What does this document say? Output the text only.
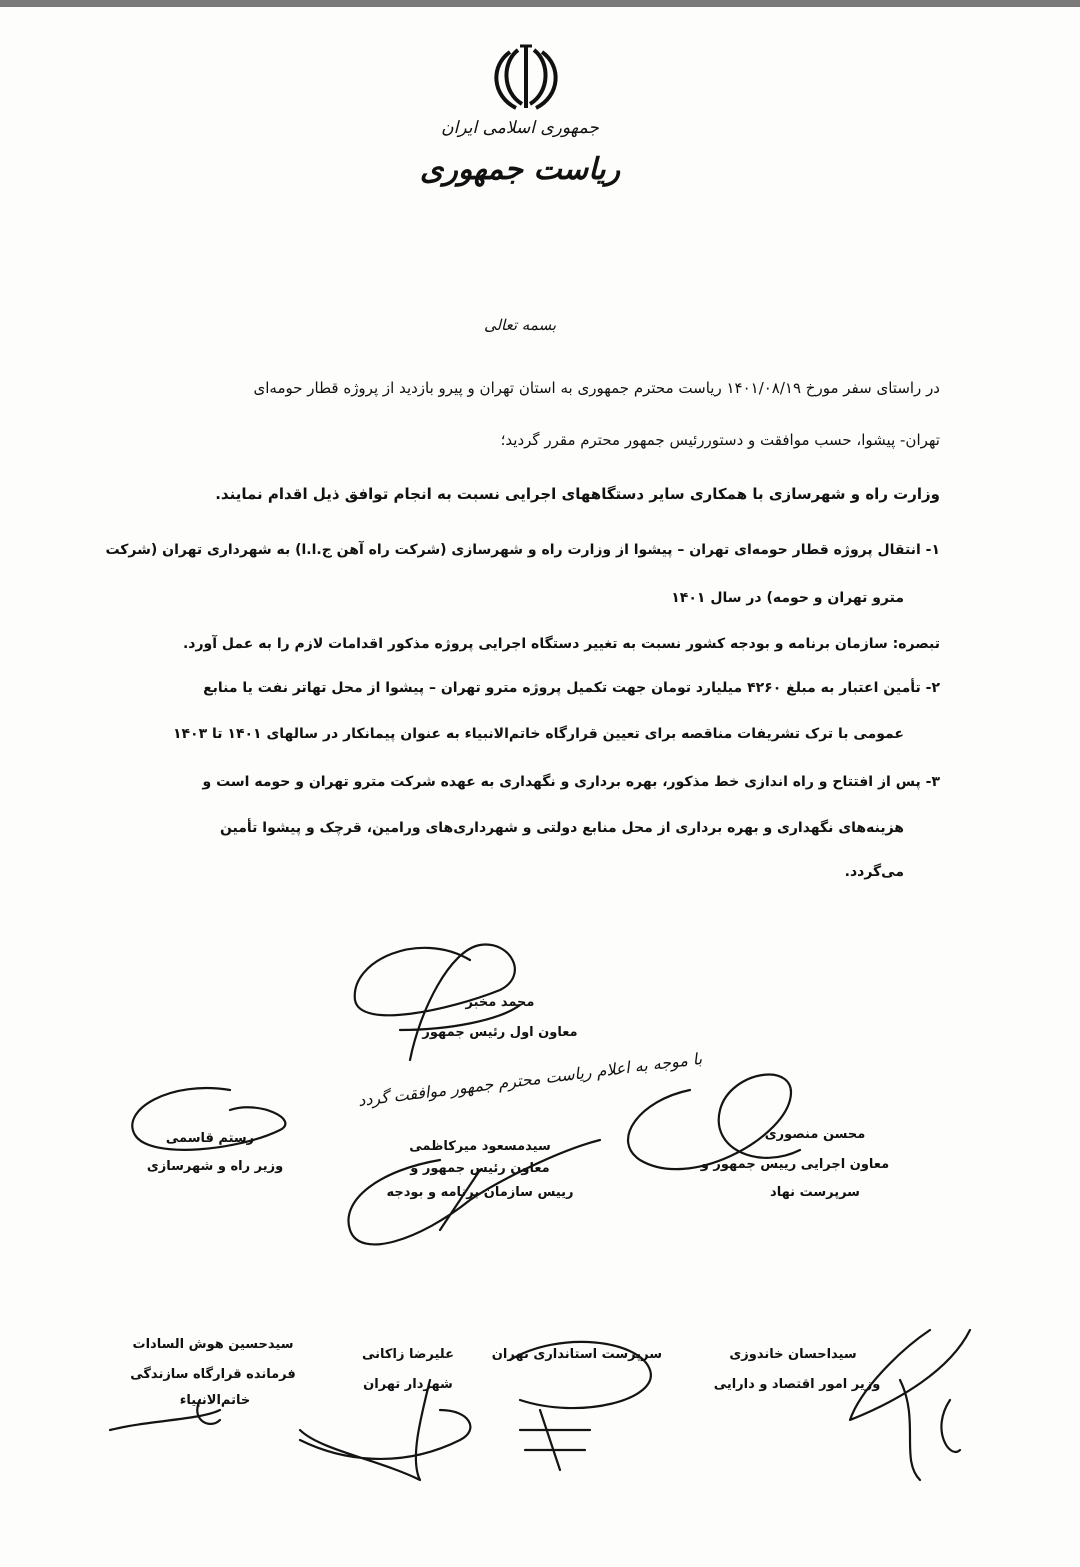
جمهوری اسلامی ایران
ریاست جمهوری
بسمه تعالی
در راستای سفر مورخ ۱۴۰۱/۰۸/۱۹ ریاست محترم جمهوری به استان تهران و پیرو بازدید از پروژه قطار حومه‌ای
تهران- پیشوا، حسب موافقت و دستوررئیس جمهور محترم مقرر گردید؛
وزارت راه و شهرسازی با همکاری سایر دستگاههای اجرایی نسبت به انجام توافق ذیل اقدام نمایند.
۱- انتقال پروژه قطار حومه‌ای تهران – پیشوا از وزارت راه و شهرسازی (شرکت راه آهن ج.ا.ا) به شهرداری تهران (شرکت
مترو تهران و حومه) در سال ۱۴۰۱
تبصره: سازمان برنامه و بودجه کشور نسبت به تغییر دستگاه اجرایی پروژه مذکور اقدامات لازم را به عمل آورد.
۲- تأمین اعتبار به مبلغ ۴۲۶۰ میلیارد تومان جهت تکمیل پروژه مترو تهران – پیشوا از محل تهاتر نفت یا منابع
عمومی با ترک تشریفات مناقصه برای تعیین قرارگاه خاتم‌الانبیاء به عنوان پیمانکار در سالهای ۱۴۰۱ تا ۱۴۰۳
۳- پس از افتتاح و راه اندازی خط مذکور، بهره برداری و نگهداری به عهده شرکت مترو تهران و حومه است و
هزینه‌های نگهداری و بهره برداری از محل منابع دولتی و شهرداری‌های ورامین، قرچک و پیشوا تأمین
می‌گردد.
با موجه به اعلام ریاست محترم جمهور موافقت گردد
محمد مخبر
معاون اول رئیس جمهور
سیدمسعود میرکاظمی
معاون رئیس جمهور و
رییس سازمان برنامه و بودجه
رستم قاسمی
وزیر راه و شهرسازی
محسن منصوری
معاون اجرایی رییس جمهور و
سرپرست نهاد
سیداحسان خاندوزی
وزیر امور اقتصاد و دارایی
سرپرست استانداری تهران
علیرضا زاکانی
شهردار تهران
سیدحسین هوش السادات
فرمانده قرارگاه سازندگی
خاتم‌الانبیاء
